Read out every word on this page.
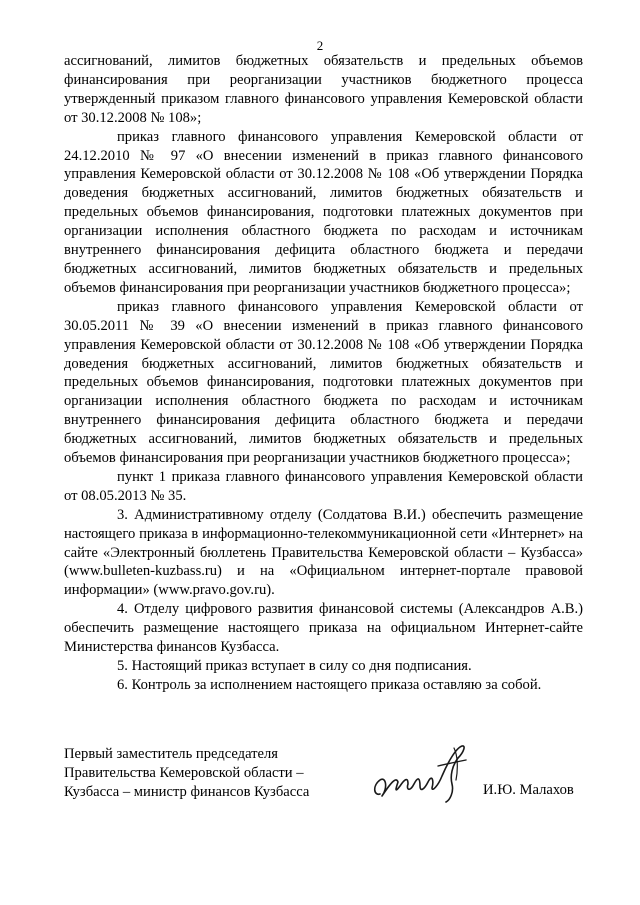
2

ассигнований, лимитов бюджетных обязательств и предельных объемов финансирования при реорганизации участников бюджетного процесса утвержденный приказом главного финансового управления Кемеровской области от 30.12.2008 № 108»;

приказ главного финансового управления Кемеровской области от 24.12.2010 № 97 «О внесении изменений в приказ главного финансового управления Кемеровской области от 30.12.2008 № 108 «Об утверждении Порядка доведения бюджетных ассигнований, лимитов бюджетных обязательств и предельных объемов финансирования, подготовки платежных документов при организации исполнения областного бюджета по расходам и источникам внутреннего финансирования дефицита областного бюджета и передачи бюджетных ассигнований, лимитов бюджетных обязательств и предельных объемов финансирования при реорганизации участников бюджетного процесса»;

приказ главного финансового управления Кемеровской области от 30.05.2011 № 39 «О внесении изменений в приказ главного финансового управления Кемеровской области от 30.12.2008 № 108 «Об утверждении Порядка доведения бюджетных ассигнований, лимитов бюджетных обязательств и предельных объемов финансирования, подготовки платежных документов при организации исполнения областного бюджета по расходам и источникам внутреннего финансирования дефицита областного бюджета и передачи бюджетных ассигнований, лимитов бюджетных обязательств и предельных объемов финансирования при реорганизации участников бюджетного процесса»;

пункт 1 приказа главного финансового управления Кемеровской области от 08.05.2013 № 35.

3. Административному отделу (Солдатова В.И.) обеспечить размещение настоящего приказа в информационно-телекоммуникационной сети «Интернет» на сайте «Электронный бюллетень Правительства Кемеровской области – Кузбасса» (www.bulleten-kuzbass.ru) и на «Официальном интернет-портале правовой информации» (www.pravo.gov.ru).

4. Отделу цифрового развития финансовой системы (Александров А.В.) обеспечить размещение настоящего приказа на официальном Интернет-сайте Министерства финансов Кузбасса.

5. Настоящий приказ вступает в силу со дня подписания.

6. Контроль за исполнением настоящего приказа оставляю за собой.

Первый заместитель председателя
Правительства Кемеровской области –
Кузбасса – министр финансов Кузбасса	И.Ю. Малахов
